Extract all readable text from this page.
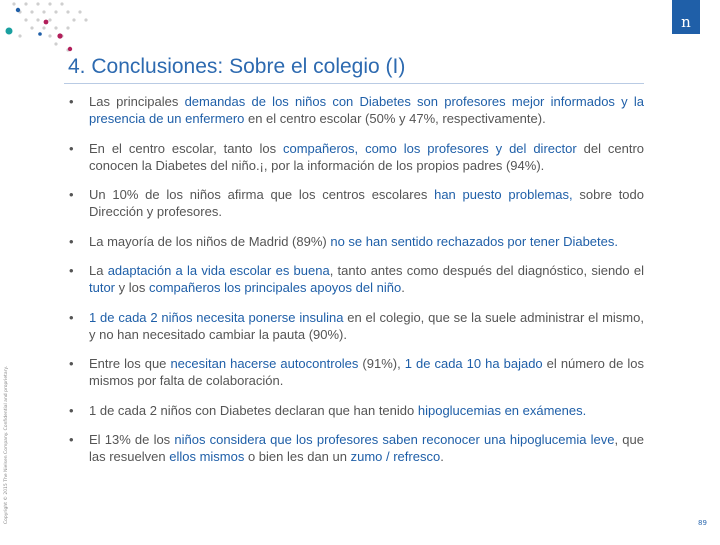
n
4. Conclusiones: Sobre el colegio (I)
Copyright © 2015 The Nielsen Company. Confidential and proprietary.
• Las principales demandas de los niños con Diabetes son profesores mejor informados y la presencia de un enfermero en el centro escolar (50% y 47%, respectivamente).
• En el centro escolar, tanto los compañeros, como los profesores y del director del centro conocen la Diabetes del niño.¡, por la información de los propios padres (94%).
• Un 10% de los niños afirma que los centros escolares han puesto problemas, sobre todo Dirección y profesores.
• La mayoría de los niños de Madrid (89%) no se han sentido rechazados por tener Diabetes.
• La adaptación a la vida escolar es buena, tanto antes como después del diagnóstico, siendo el tutor y los compañeros los principales apoyos del niño.
• 1 de cada 2 niños necesita ponerse insulina en el colegio, que se la suele administrar el mismo, y no han necesitado cambiar la pauta (90%).
• Entre los que necesitan hacerse autocontroles (91%), 1 de cada 10 ha bajado el número de los mismos por falta de colaboración.
• 1 de cada 2 niños con Diabetes declaran que han tenido hipoglucemias en exámenes.
• El 13% de los niños considera que los profesores saben reconocer una hipoglucemia leve, que las resuelven ellos mismos o bien les dan un zumo / refresco.
89
